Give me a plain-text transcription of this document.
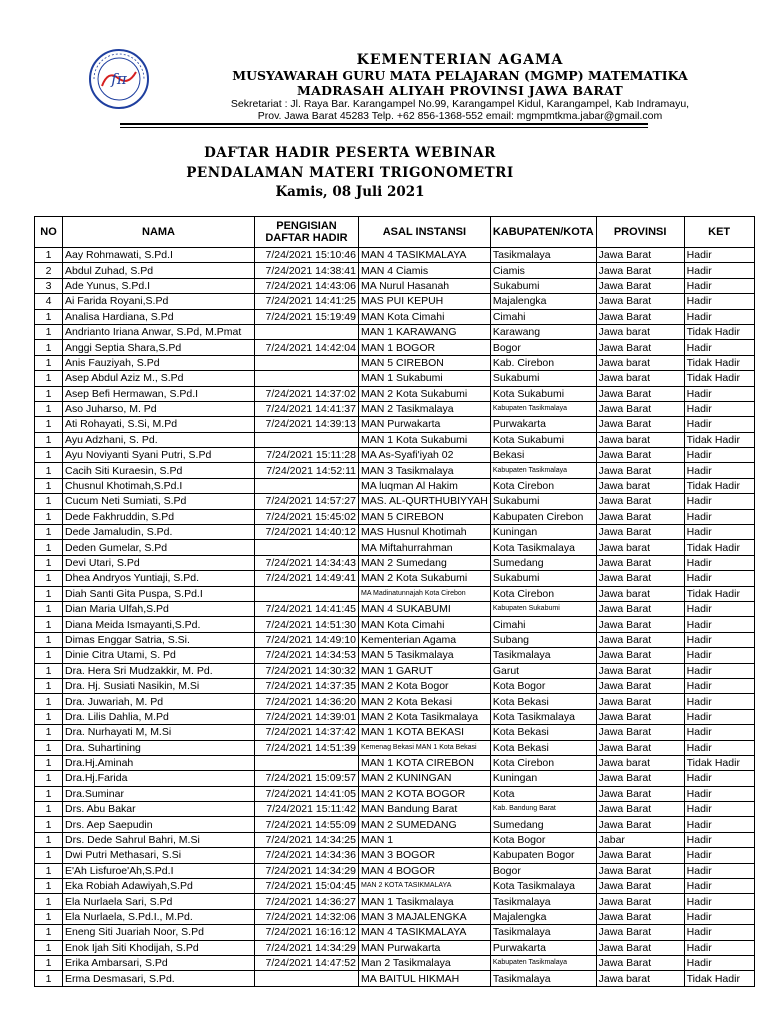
fπ
KEMENTERIAN AGAMA
MUSYAWARAH GURU MATA PELAJARAN (MGMP) MATEMATIKA
MADRASAH ALIYAH PROVINSI JAWA BARAT
Sekretariat : Jl. Raya Bar. Karangampel No.99, Karangampel Kidul, Karangampel, Kab Indramayu,
Prov. Jawa Barat 45283 Telp. +62 856-1368-552 email: mgmpmtkma.jabar@gmail.com
DAFTAR HADIR PESERTA WEBINAR
PENDALAMAN MATERI TRIGONOMETRI
Kamis, 08 Juli 2021
NO	NAMA	PENGISIAN DAFTAR HADIR	ASAL INSTANSI	KABUPATEN/KOTA	PROVINSI	KET
1	Aay Rohmawati, S.Pd.I	7/24/2021 15:10:46	MAN 4 TASIKMALAYA	Tasikmalaya	Jawa Barat	Hadir
2	Abdul Zuhad, S.Pd	7/24/2021 14:38:41	MAN 4 Ciamis	Ciamis	Jawa Barat	Hadir
3	Ade Yunus, S.Pd.I	7/24/2021 14:43:06	MA Nurul Hasanah	Sukabumi	Jawa Barat	Hadir
4	Ai Farida Royani,S.Pd	7/24/2021 14:41:25	MAS PUI KEPUH	Majalengka	Jawa Barat	Hadir
1	Analisa Hardiana, S.Pd	7/24/2021 15:19:49	MAN Kota Cimahi	Cimahi	Jawa Barat	Hadir
1	Andrianto Iriana Anwar, S.Pd, M.Pmat		MAN 1 KARAWANG	Karawang	Jawa barat	Tidak Hadir
1	Anggi Septia Shara,S.Pd	7/24/2021 14:42:04	MAN 1 BOGOR	Bogor	Jawa Barat	Hadir
1	Anis Fauziyah, S.Pd		MAN 5 CIREBON	Kab. Cirebon	Jawa barat	Tidak Hadir
1	Asep Abdul Aziz M., S.Pd		MAN 1 Sukabumi	Sukabumi	Jawa barat	Tidak Hadir
1	Asep Befi Hermawan, S.Pd.I	7/24/2021 14:37:02	MAN 2 Kota Sukabumi	Kota Sukabumi	Jawa Barat	Hadir
1	Aso Juharso, M. Pd	7/24/2021 14:41:37	MAN 2 Tasikmalaya	Kabupaten Tasikmalaya	Jawa Barat	Hadir
1	Ati Rohayati, S.Si, M.Pd	7/24/2021 14:39:13	MAN Purwakarta	Purwakarta	Jawa Barat	Hadir
1	Ayu Adzhani, S. Pd.		MAN 1 Kota Sukabumi	Kota Sukabumi	Jawa barat	Tidak Hadir
1	Ayu Noviyanti Syani Putri, S.Pd	7/24/2021 15:11:28	MA As-Syafi'iyah 02	Bekasi	Jawa Barat	Hadir
1	Cacih Siti Kuraesin, S.Pd	7/24/2021 14:52:11	MAN 3 Tasikmalaya	Kabupaten Tasikmalaya	Jawa Barat	Hadir
1	Chusnul Khotimah,S.Pd.I		MA luqman Al Hakim	Kota Cirebon	Jawa barat	Tidak Hadir
1	Cucum Neti Sumiati, S.Pd	7/24/2021 14:57:27	MAS. AL-QURTHUBIYYAH	Sukabumi	Jawa Barat	Hadir
1	Dede Fakhruddin, S.Pd	7/24/2021 15:45:02	MAN 5 CIREBON	Kabupaten Cirebon	Jawa Barat	Hadir
1	Dede Jamaludin, S.Pd.	7/24/2021 14:40:12	MAS Husnul Khotimah	Kuningan	Jawa Barat	Hadir
1	Deden Gumelar, S.Pd		MA Miftahurrahman	Kota Tasikmalaya	Jawa barat	Tidak Hadir
1	Devi Utari, S.Pd	7/24/2021 14:34:43	MAN 2 Sumedang	Sumedang	Jawa Barat	Hadir
1	Dhea Andryos Yuntiaji, S.Pd.	7/24/2021 14:49:41	MAN 2 Kota Sukabumi	Sukabumi	Jawa Barat	Hadir
1	Diah Santi Gita Puspa, S.Pd.I		MA Madinatunnajah Kota Cirebon	Kota Cirebon	Jawa barat	Tidak Hadir
1	Dian Maria Ulfah,S.Pd	7/24/2021 14:41:45	MAN 4 SUKABUMI	Kabupaten Sukabumi	Jawa Barat	Hadir
1	Diana Meida Ismayanti,S.Pd.	7/24/2021 14:51:30	MAN Kota Cimahi	Cimahi	Jawa Barat	Hadir
1	Dimas Enggar Satria, S.Si.	7/24/2021 14:49:10	Kementerian Agama	Subang	Jawa Barat	Hadir
1	Dinie Citra Utami, S. Pd	7/24/2021 14:34:53	MAN 5 Tasikmalaya	Tasikmalaya	Jawa Barat	Hadir
1	Dra. Hera Sri Mudzakkir, M. Pd.	7/24/2021 14:30:32	MAN 1 GARUT	Garut	Jawa Barat	Hadir
1	Dra. Hj. Susiati Nasikin, M.Si	7/24/2021 14:37:35	MAN 2 Kota Bogor	Kota Bogor	Jawa Barat	Hadir
1	Dra. Juwariah, M. Pd	7/24/2021 14:36:20	MAN 2 Kota Bekasi	Kota Bekasi	Jawa Barat	Hadir
1	Dra. Lilis Dahlia, M.Pd	7/24/2021 14:39:01	MAN 2 Kota Tasikmalaya	Kota Tasikmalaya	Jawa Barat	Hadir
1	Dra. Nurhayati M, M.Si	7/24/2021 14:37:42	MAN 1 KOTA BEKASI	Kota Bekasi	Jawa Barat	Hadir
1	Dra. Suhartining	7/24/2021 14:51:39	Kemenag Bekasi MAN 1 Kota Bekasi	Kota Bekasi	Jawa Barat	Hadir
1	Dra.Hj.Aminah		MAN 1 KOTA CIREBON	Kota Cirebon	Jawa barat	Tidak Hadir
1	Dra.Hj.Farida	7/24/2021 15:09:57	MAN 2 KUNINGAN	Kuningan	Jawa Barat	Hadir
1	Dra.Suminar	7/24/2021 14:41:05	MAN 2 KOTA BOGOR	Kota	Jawa Barat	Hadir
1	Drs. Abu Bakar	7/24/2021 15:11:42	MAN Bandung Barat	Kab. Bandung Barat	Jawa Barat	Hadir
1	Drs. Aep Saepudin	7/24/2021 14:55:09	MAN 2 SUMEDANG	Sumedang	Jawa Barat	Hadir
1	Drs. Dede Sahrul Bahri, M.Si	7/24/2021 14:34:25	MAN 1	Kota Bogor	Jabar	Hadir
1	Dwi Putri Methasari, S.Si	7/24/2021 14:34:36	MAN 3 BOGOR	Kabupaten Bogor	Jawa Barat	Hadir
1	E'Ah Lisfuroe'Ah,S.Pd.I	7/24/2021 14:34:29	MAN 4 BOGOR	Bogor	Jawa Barat	Hadir
1	Eka Robiah Adawiyah,S.Pd	7/24/2021 15:04:45	MAN 2 KOTA TASIKMALAYA	Kota Tasikmalaya	Jawa Barat	Hadir
1	Ela Nurlaela Sari, S.Pd	7/24/2021 14:36:27	MAN 1 Tasikmalaya	Tasikmalaya	Jawa Barat	Hadir
1	Ela Nurlaela, S.Pd.I., M.Pd.	7/24/2021 14:32:06	MAN 3 MAJALENGKA	Majalengka	Jawa Barat	Hadir
1	Eneng Siti Juariah Noor, S.Pd	7/24/2021 16:16:12	MAN 4 TASIKMALAYA	Tasikmalaya	Jawa Barat	Hadir
1	Enok Ijah Siti Khodijah, S.Pd	7/24/2021 14:34:29	MAN Purwakarta	Purwakarta	Jawa Barat	Hadir
1	Erika Ambarsari, S.Pd	7/24/2021 14:47:52	Man 2 Tasikmalaya	Kabupaten Tasikmalaya	Jawa Barat	Hadir
1	Erma Desmasari, S.Pd.		MA BAITUL HIKMAH	Tasikmalaya	Jawa barat	Tidak Hadir
